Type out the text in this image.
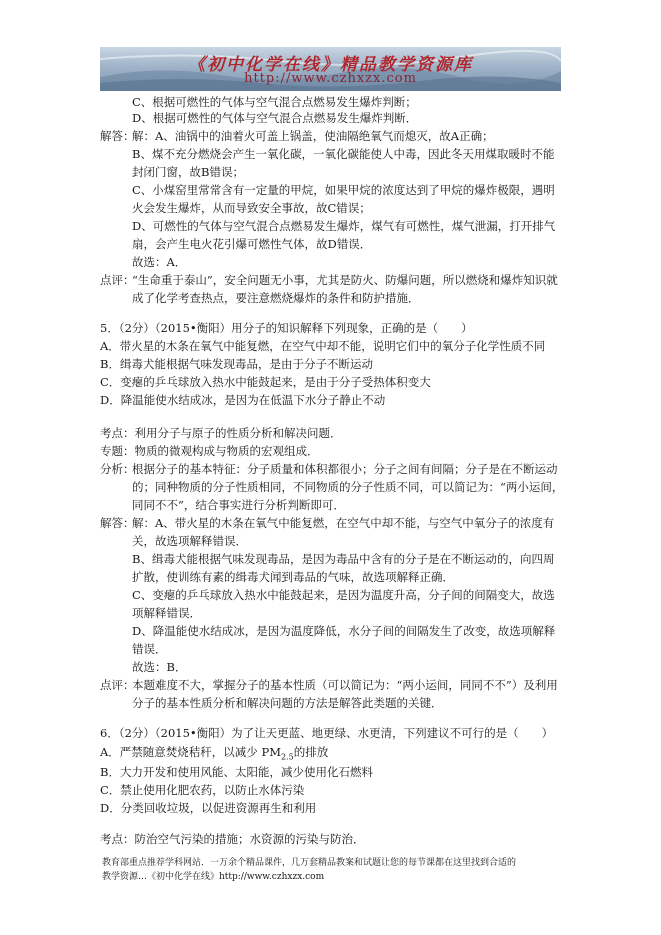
《初中化学在线》精品教学资源库
http://www.czhxzx.com
C、根据可燃性的气体与空气混合点燃易发生爆炸判断；
D、根据可燃性的气体与空气混合点燃易发生爆炸判断．
解答：
解：A、油锅中的油着火可盖上锅盖，使油隔绝氧气而熄灭，故A正确；
B、煤不充分燃烧会产生一氧化碳，一氧化碳能使人中毒，因此冬天用煤取暖时不能
封闭门窗，故B错误；
C、小煤窑里常常含有一定量的甲烷，如果甲烷的浓度达到了甲烷的爆炸极限，遇明
火会发生爆炸，从而导致安全事故，故C错误；
D、可燃性的气体与空气混合点燃易发生爆炸，煤气有可燃性，煤气泄漏，打开排气
扇，会产生电火花引爆可燃性气体，故D错误．
故选：A．
点评：
“生命重于泰山”，安全问题无小事，尤其是防火、防爆问题，所以燃烧和爆炸知识就
成了化学考查热点，要注意燃烧爆炸的条件和防护措施．
5．（2分）（2015•衡阳）用分子的知识解释下列现象，正确的是（　　）
A．带火星的木条在氧气中能复燃，在空气中却不能，说明它们中的氧分子化学性质不同
B．缉毒犬能根据气味发现毒品，是由于分子不断运动
C．变瘪的乒乓球放入热水中能鼓起来，是由于分子受热体积变大
D．降温能使水结成冰，是因为在低温下水分子静止不动
考点：利用分子与原子的性质分析和解决问题．
专题：物质的微观构成与物质的宏观组成．
分析：
根据分子的基本特征：分子质量和体积都很小；分子之间有间隔；分子是在不断运动
的；同种物质的分子性质相同，不同物质的分子性质不同，可以简记为：“两小运间，
同同不不”，结合事实进行分析判断即可．
解答：
解：A、带火星的木条在氧气中能复燃，在空气中却不能，与空气中氧分子的浓度有
关，故选项解释错误．
B、缉毒犬能根据气味发现毒品，是因为毒品中含有的分子是在不断运动的，向四周
扩散，使训练有素的缉毒犬闻到毒品的气味，故选项解释正确．
C、变瘪的乒乓球放入热水中能鼓起来，是因为温度升高，分子间的间隔变大，故选
项解释错误．
D、降温能使水结成冰，是因为温度降低，水分子间的间隔发生了改变，故选项解释
错误．
故选：B．
点评：
本题难度不大，掌握分子的基本性质（可以简记为：“两小运间，同同不不”）及利用
分子的基本性质分析和解决问题的方法是解答此类题的关键．
6．（2分）（2015•衡阳）为了让天更蓝、地更绿、水更清，下列建议不可行的是（　　）
A．严禁随意焚烧秸秆，以减少 $PM_{2.5}$的排放
B．大力开发和使用风能、太阳能，减少使用化石燃料
C．禁止使用化肥农药，以防止水体污染
D．分类回收垃圾，以促进资源再生和利用
考点：防治空气污染的措施；水资源的污染与防治．
教育部重点推荐学科网站．一万余个精品课件，几万套精品教案和试题让您的每节课都在这里找到合适的
教学资源…《初中化学在线》http://www.czhxzx.com
